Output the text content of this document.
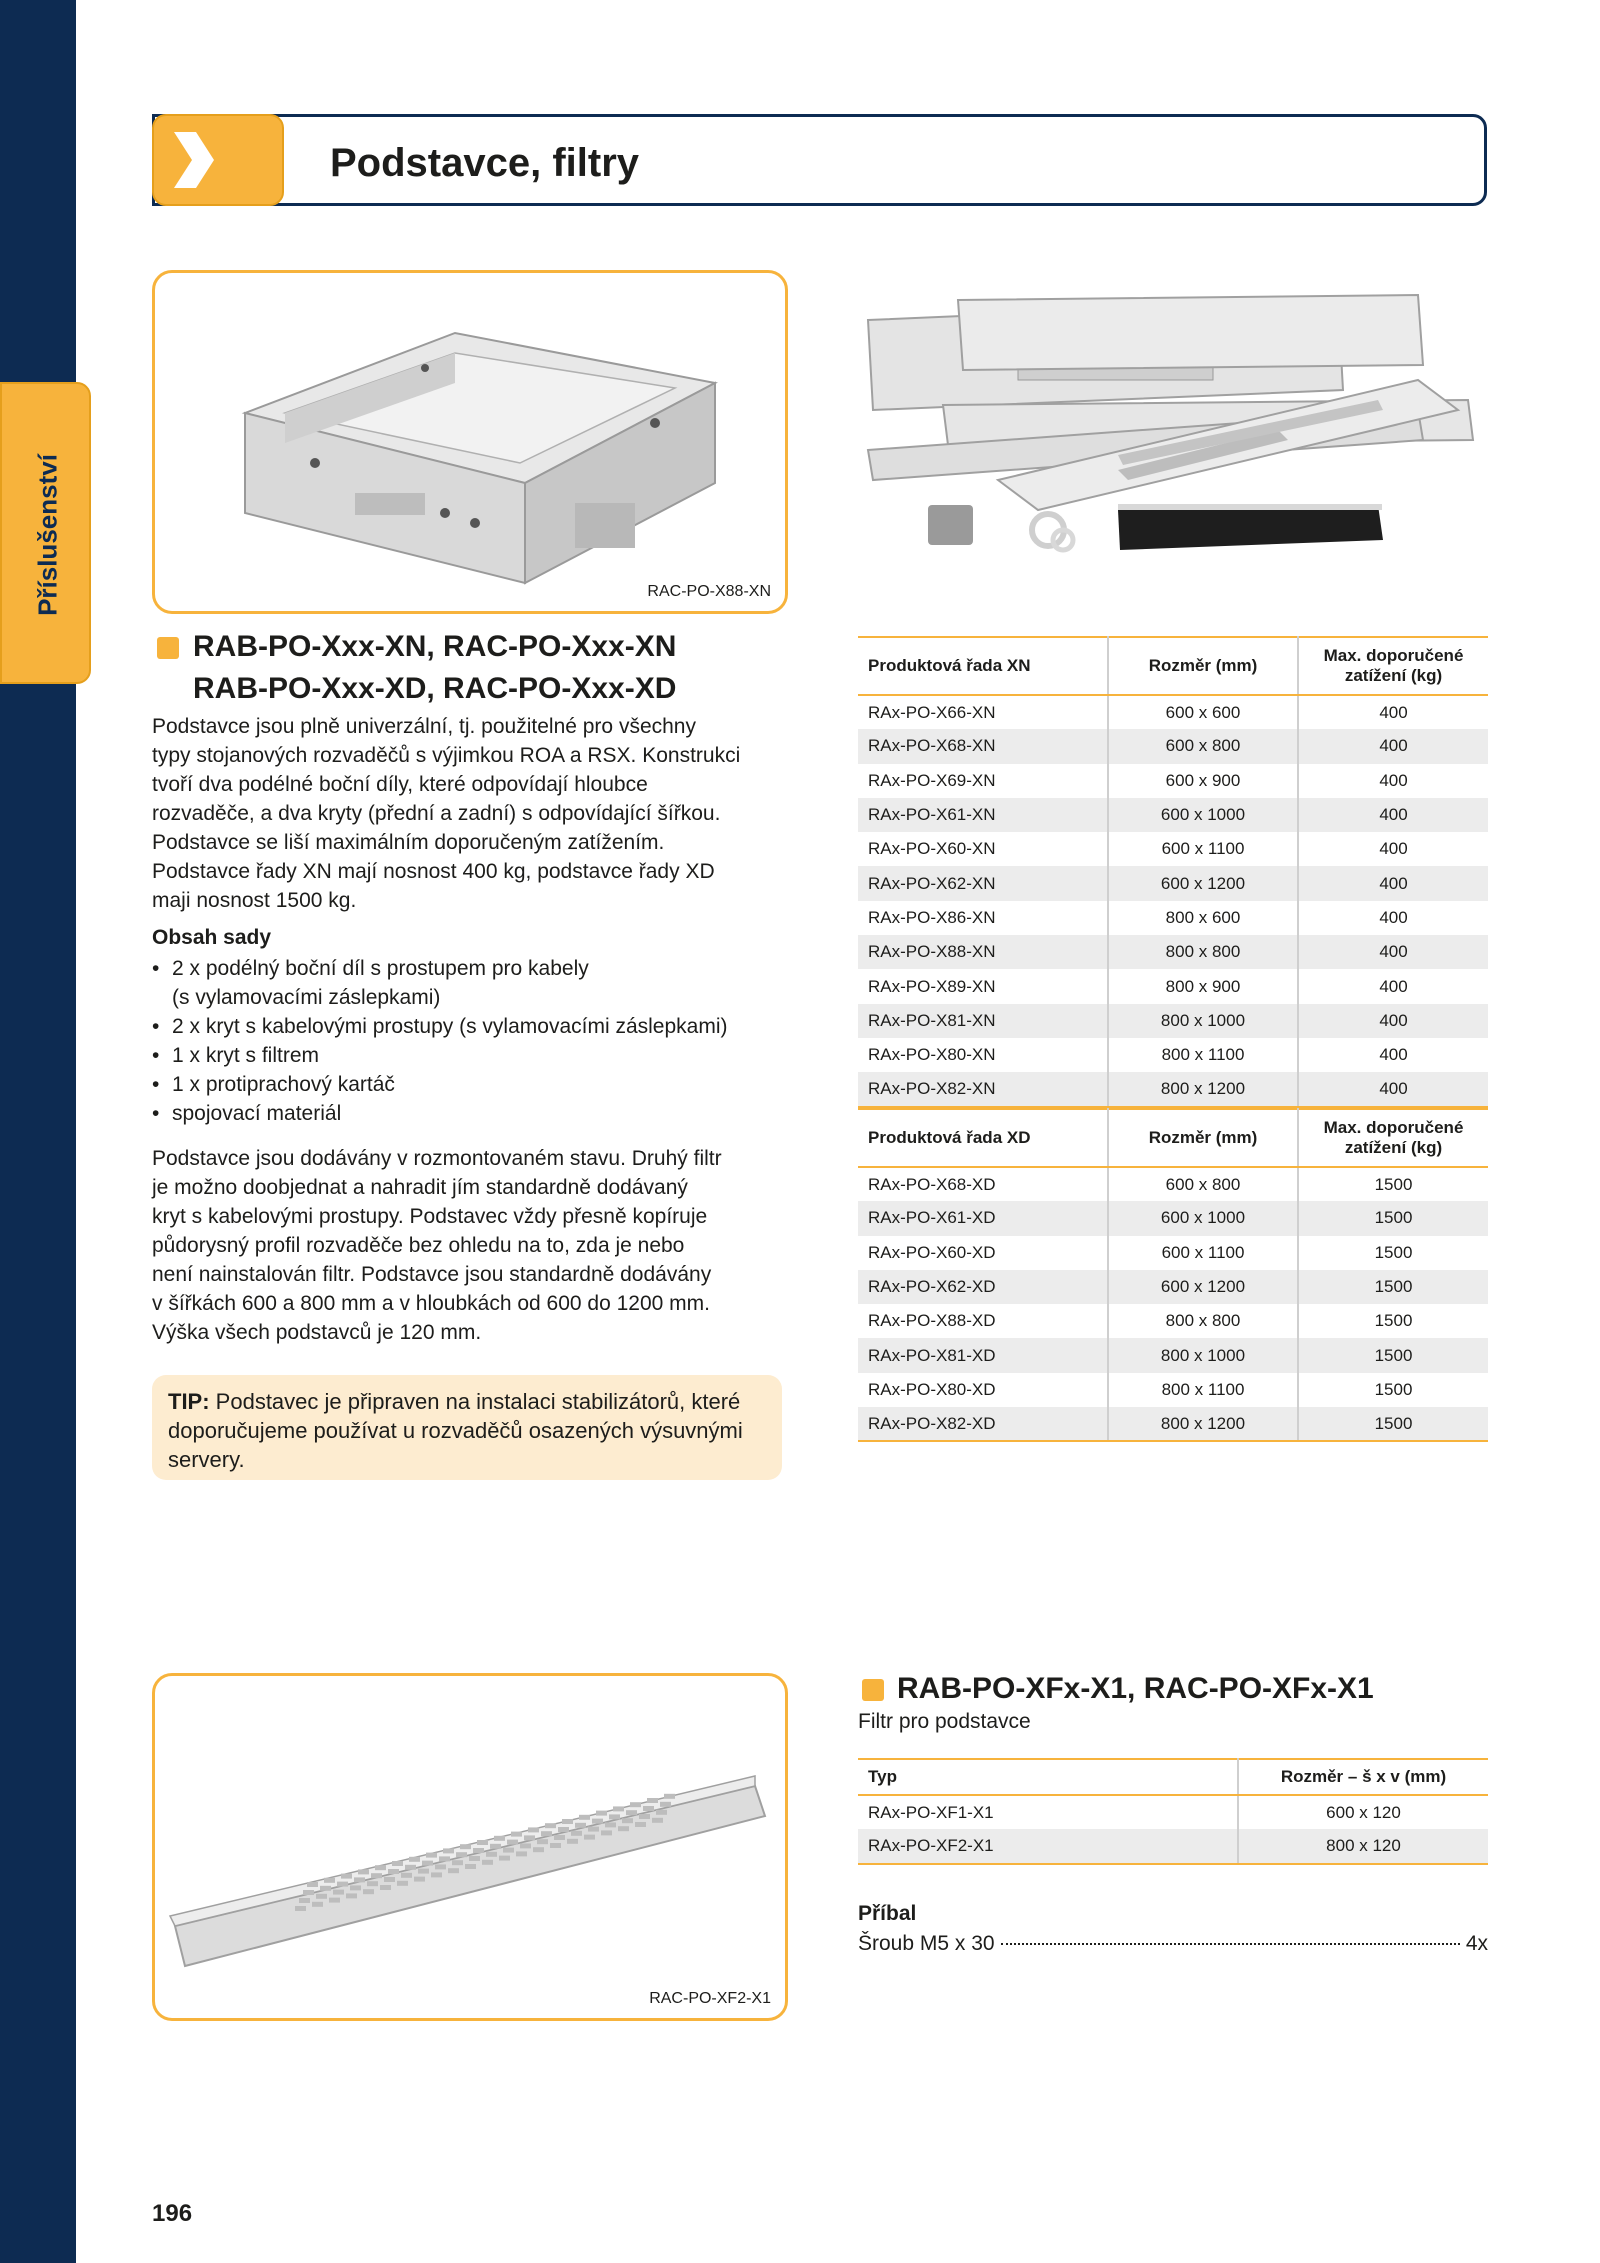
Příslušenství
Podstavce, filtry
RAC-PO-X88-XN
RAB-PO-Xxx-XN, RAC-PO-Xxx-XN
RAB-PO-Xxx-XD, RAC-PO-Xxx-XD
Podstavce jsou plně univerzální, tj. použitelné pro všechny
typy stojanových rozvaděčů s výjimkou ROA a RSX. Konstrukci
tvoří dva podélné boční díly, které odpovídají hloubce
rozvaděče, a dva kryty (přední a zadní) s odpovídající šířkou.
Podstavce se liší maximálním doporučeným zatížením.
Podstavce řady XN mají nosnost 400 kg, podstavce řady XD
maji nosnost 1500 kg.
Obsah sady
• 2 x podélný boční díl s prostupem pro kabely
(s vylamovacími záslepkami)
• 2 x kryt s kabelovými prostupy (s vylamovacími záslepkami)
• 1 x kryt s filtrem
• 1 x protiprachový kartáč
• spojovací materiál
Podstavce jsou dodávány v rozmontovaném stavu. Druhý filtr
je možno doobjednat a nahradit jím standardně dodávaný
kryt s kabelovými prostupy. Podstavec vždy přesně kopíruje
půdorysný profil rozvaděče bez ohledu na to, zda je nebo
není nainstalován filtr. Podstavce jsou standardně dodávány
v šířkách 600 a 800 mm a v hloubkách od 600 do 1200 mm.
Výška všech podstavců je 120 mm.
TIP: Podstavec je připraven na instalaci stabilizátorů, které doporučujeme používat u rozvaděčů osazených výsuvnými servery.
Produktová řada XN	Rozměr (mm)	Max. doporučené zatížení (kg)
RAx-PO-X66-XN	600 x 600	400
RAx-PO-X68-XN	600 x 800	400
RAx-PO-X69-XN	600 x 900	400
RAx-PO-X61-XN	600 x 1000	400
RAx-PO-X60-XN	600 x 1100	400
RAx-PO-X62-XN	600 x 1200	400
RAx-PO-X86-XN	800 x 600	400
RAx-PO-X88-XN	800 x 800	400
RAx-PO-X89-XN	800 x 900	400
RAx-PO-X81-XN	800 x 1000	400
RAx-PO-X80-XN	800 x 1100	400
RAx-PO-X82-XN	800 x 1200	400
Produktová řada XD	Rozměr (mm)	Max. doporučené zatížení (kg)
RAx-PO-X68-XD	600 x 800	1500
RAx-PO-X61-XD	600 x 1000	1500
RAx-PO-X60-XD	600 x 1100	1500
RAx-PO-X62-XD	600 x 1200	1500
RAx-PO-X88-XD	800 x 800	1500
RAx-PO-X81-XD	800 x 1000	1500
RAx-PO-X80-XD	800 x 1100	1500
RAx-PO-X82-XD	800 x 1200	1500
RAC-PO-XF2-X1
RAB-PO-XFx-X1, RAC-PO-XFx-X1
Filtr pro podstavce
Typ	Rozměr – š x v (mm)
RAx-PO-XF1-X1	600 x 120
RAx-PO-XF2-X1	800 x 120
Příbal
Šroub M5 x 30	4x
196
